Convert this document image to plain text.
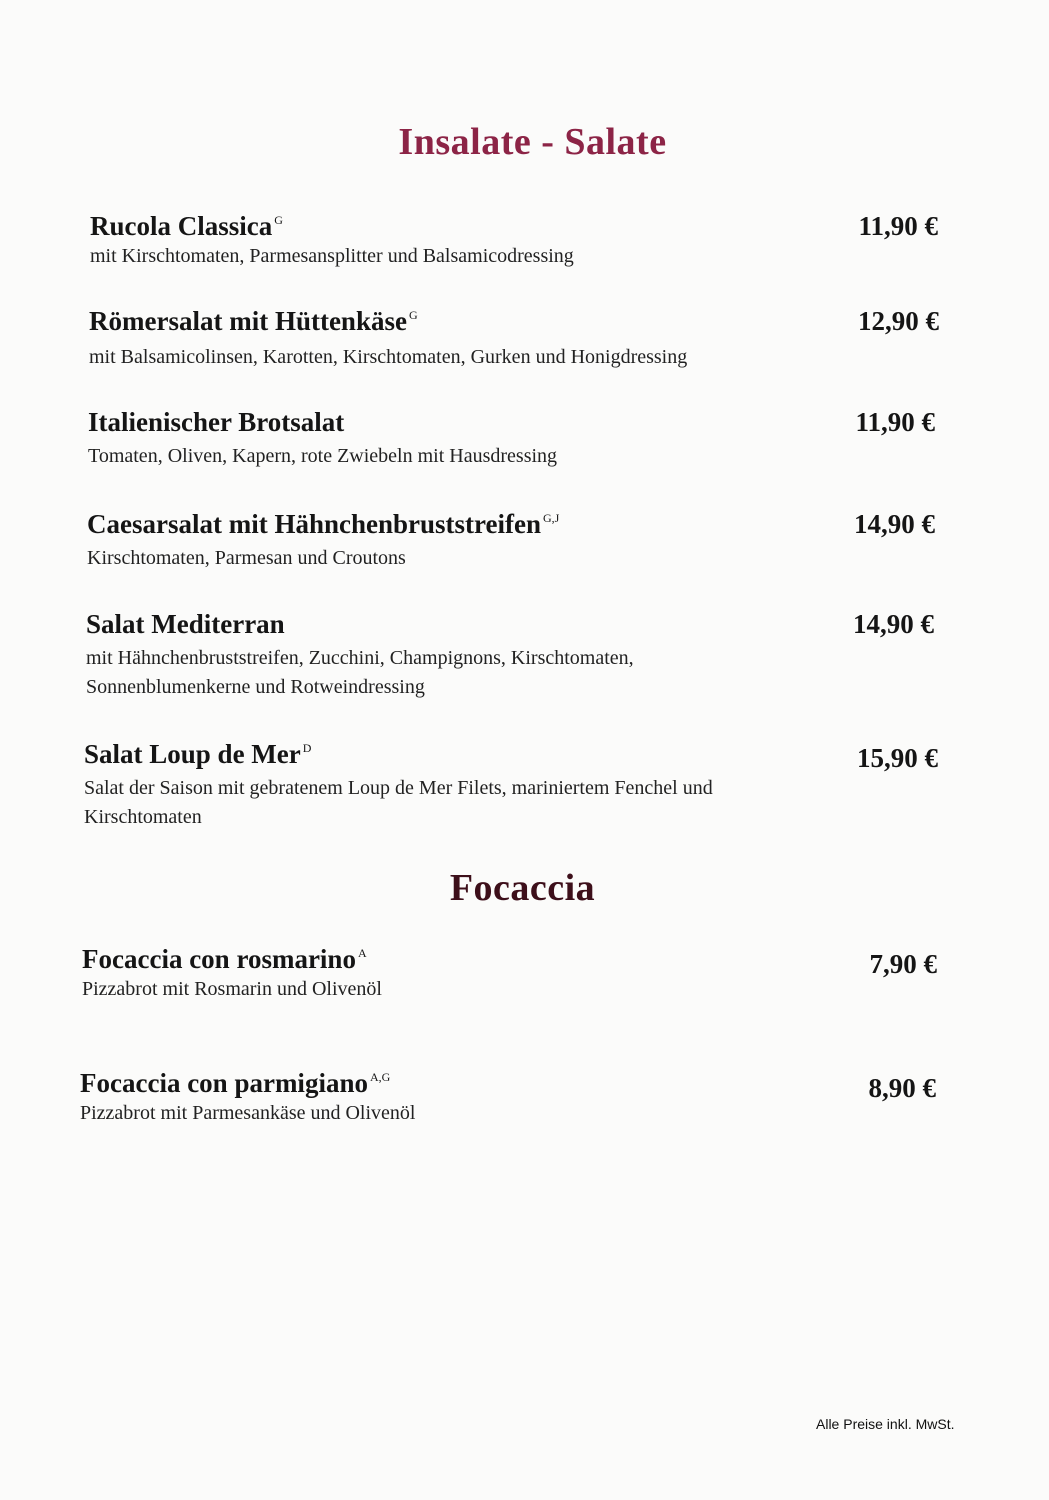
Insalate - Salate
Rucola Classica $^G$
mit Kirschtomaten, Parmesansplitter und Balsamicodressing
11,90 €
Römersalat mit Hüttenkäse $^G$
mit Balsamicolinsen, Karotten, Kirschtomaten, Gurken und Honigdressing
12,90 €
Italienischer Brotsalat
Tomaten, Oliven, Kapern, rote Zwiebeln mit Hausdressing
11,90 €
Caesarsalat mit Hähnchenbruststreifen $^{G,J}$
Kirschtomaten, Parmesan und Croutons
14,90 €
Salat Mediterran
mit Hähnchenbruststreifen, Zucchini, Champignons, Kirschtomaten, Sonnenblumenkerne und Rotweindressing
14,90 €
Salat Loup de Mer $^D$
Salat der Saison mit gebratenem Loup de Mer Filets, mariniertem Fenchel und Kirschtomaten
15,90 €
Focaccia
Focaccia con rosmarino $^A$
Pizzabrot mit Rosmarin und Olivenöl
7,90 €
Focaccia con parmigiano $^{A,G}$
Pizzabrot mit Parmesankäse und Olivenöl
8,90 €
Alle Preise inkl. MwSt.
